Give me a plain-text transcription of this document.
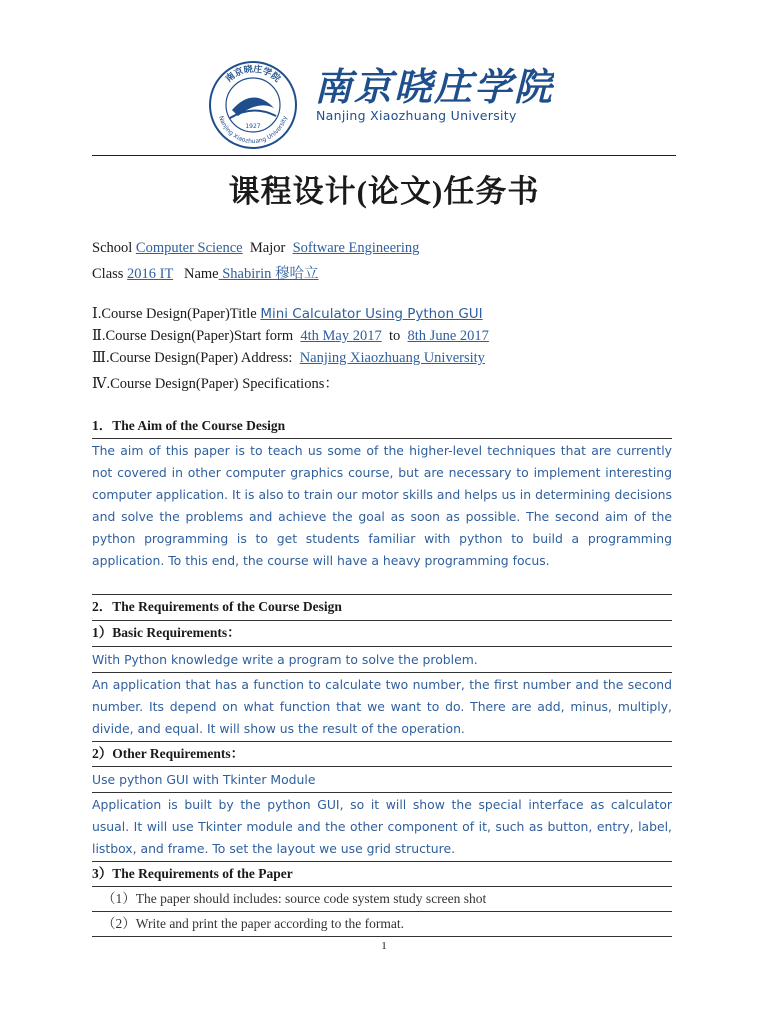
南京晓庄学院
Nanjing Xiaozhuang University
1927
南京晓庄学院
Nanjing Xiaozhuang University
课程设计(论文)任务书
School Computer Science  Major  Software Engineering
Class 2016 IT   Name Shabirin 穆哈立
Ⅰ.Course Design(Paper)Title Mini Calculator Using Python GUI
Ⅱ.Course Design(Paper)Start form  4th May 2017  to  8th June 2017
Ⅲ.Course Design(Paper) Address:  Nanjing Xiaozhuang University
Ⅳ.Course Design(Paper) Specifications：
1．The Aim of the Course Design
The aim of this paper is to teach us some of the higher-level techniques that are currently not covered in other computer graphics course, but are necessary to implement interesting computer application. It is also to train our motor skills and helps us in determining decisions and solve the problems and achieve the goal as soon as possible. The second aim of the python programming is to get students familiar with python to build a programming application. To this end, the course will have a heavy programming focus.
2．The Requirements of the Course Design
1）Basic Requirements：
With Python knowledge write a program to solve the problem.
An application that has a function to calculate two number, the first number and the second number. Its depend on what function that we want to do. There are add, minus, multiply, divide, and equal. It will show us the result of the operation.
2）Other Requirements：
Use python GUI with Tkinter Module
Application is built by the python GUI, so it will show the special interface as calculator usual. It will use Tkinter module and the other component of it, such as button, entry, label, listbox, and frame. To set the layout we use grid structure.
3）The Requirements of the Paper
（1）The paper should includes: source code system study screen shot
（2）Write and print the paper according to the format.
1
